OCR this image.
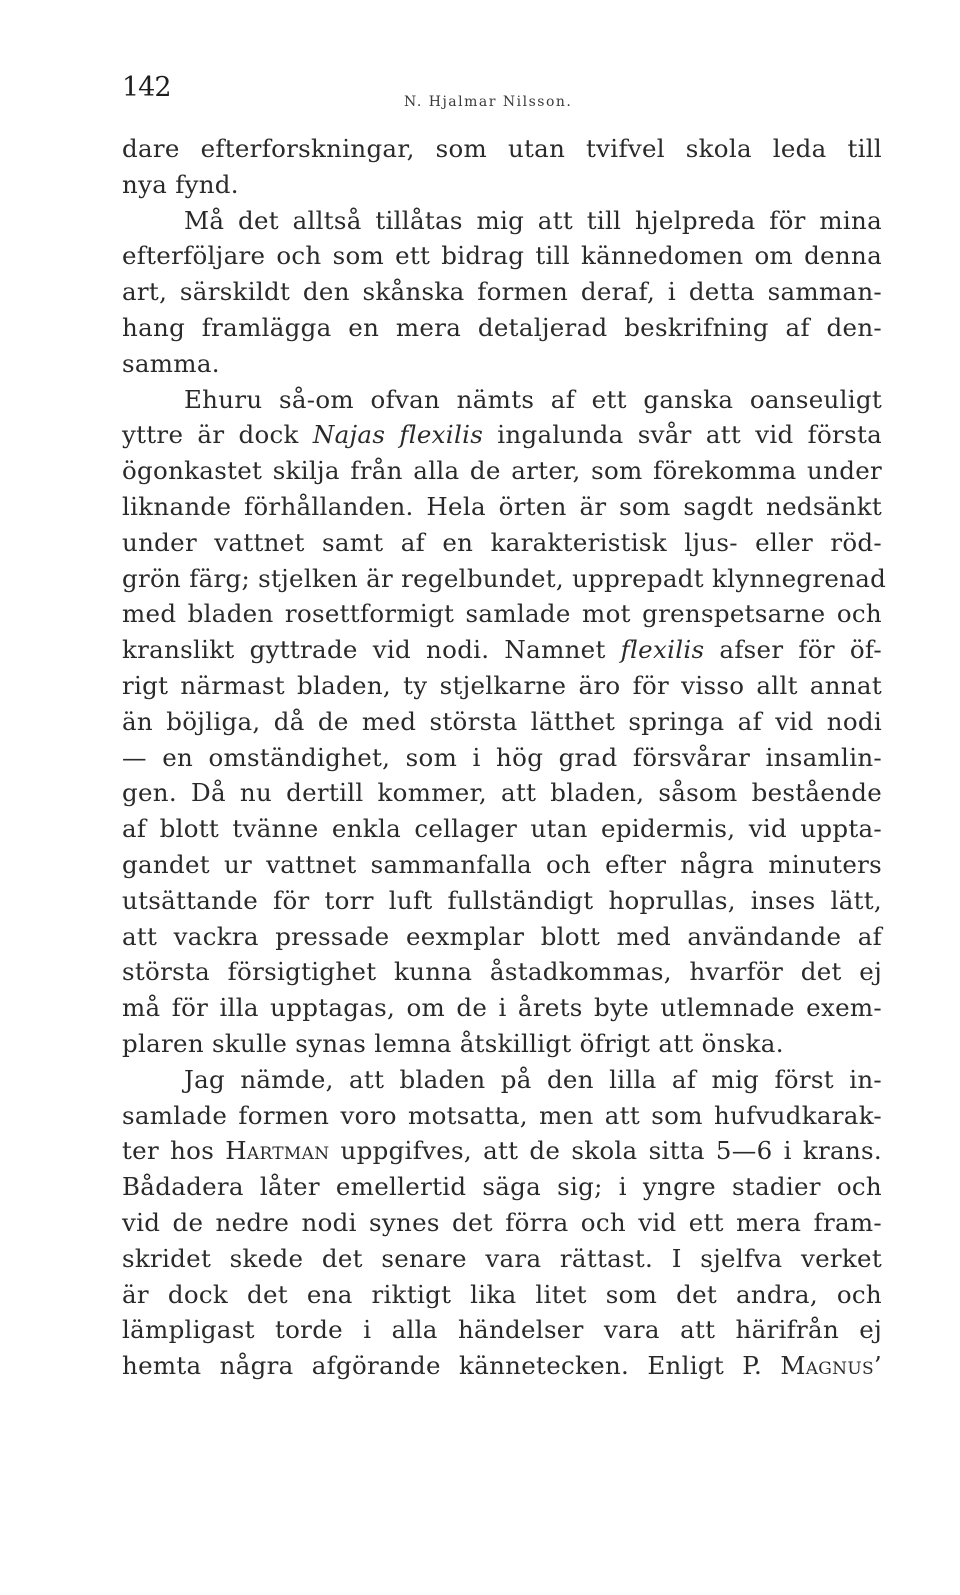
142	N. Hjalmar Nilsson.
dare efterforskningar, som utan tvifvel skola leda till
nya fynd.
Må det alltså tillåtas mig att till hjelpreda för mina
efterföljare och som ett bidrag till kännedomen om denna
art, särskildt den skånska formen deraf, i detta samman-
hang framlägga en mera detaljerad beskrifning af den-
samma.
Ehuru så-om ofvan nämts af ett ganska oanseuligt
yttre är dock Najas flexilis ingalunda svår att vid första
ögonkastet skilja från alla de arter, som förekomma under
liknande förhållanden. Hela örten är som sagdt nedsänkt
under vattnet samt af en karakteristisk ljus- eller röd-
grön färg; stjelken är regelbundet, upprepadt klynnegrenad
med bladen rosettformigt samlade mot grenspetsarne och
kranslikt gyttrade vid nodi. Namnet flexilis afser för öf-
rigt närmast bladen, ty stjelkarne äro för visso allt annat
än böjliga, då de med största lätthet springa af vid nodi
— en omständighet, som i hög grad försvårar insamlin-
gen. Då nu dertill kommer, att bladen, såsom bestående
af blott tvänne enkla cellager utan epidermis, vid uppta-
gandet ur vattnet sammanfalla och efter några minuters
utsättande för torr luft fullständigt hoprullas, inses lätt,
att vackra pressade eexmplar blott med användande af
största försigtighet kunna åstadkommas, hvarför det ej
må för illa upptagas, om de i årets byte utlemnade exem-
plaren skulle synas lemna åtskilligt öfrigt att önska.
Jag nämde, att bladen på den lilla af mig först in-
samlade formen voro motsatta, men att som hufvudkarak-
ter hos Hartman uppgifves, att de skola sitta 5—6 i krans.
Bådadera låter emellertid säga sig; i yngre stadier och
vid de nedre nodi synes det förra och vid ett mera fram-
skridet skede det senare vara rättast. I sjelfva verket
är dock det ena riktigt lika litet som det andra, och
lämpligast torde i alla händelser vara att härifrån ej
hemta några afgörande kännetecken. Enligt P. Magnus’
